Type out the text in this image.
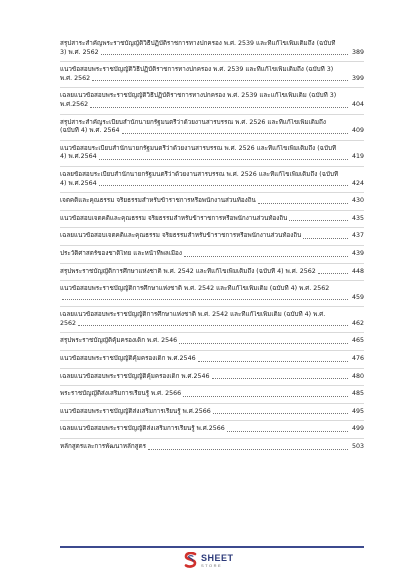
สรุปสาระสำคัญพระราชบัญญัติวิธีปฏิบัติราชการทางปกครอง พ.ศ. 2539 และที่แก้ไขเพิ่มเติมถึง (ฉบับที่
3) พ.ศ. 2562	389
แนวข้อสอบพระราชบัญญัติวิธีปฏิบัติราชการทางปกครอง พ.ศ. 2539 และที่แก้ไขเพิ่มเติมถึง (ฉบับที่ 3)
พ.ศ. 2562	399
เฉลยแนวข้อสอบพระราชบัญญัติวิธีปฏิบัติราชการทางปกครอง พ.ศ. 2539 และแก้ไขเพิ่มเติม (ฉบับที่ 3)
พ.ศ.2562	404
สรุปสาระสำคัญระเบียบสำนักนายกรัฐมนตรีว่าด้วยงานสารบรรณ พ.ศ. 2526 และที่แก้ไขเพิ่มเติมถึง
(ฉบับที่ 4) พ.ศ. 2564	409
แนวข้อสอบระเบียบสำนักนายกรัฐมนตรีว่าด้วยงานสารบรรณ พ.ศ. 2526 และที่แก้ไขเพิ่มเติมถึง (ฉบับที่
4) พ.ศ.2564	419
เฉลยข้อสอบระเบียบสำนักนายกรัฐมนตรีว่าด้วยงานสารบรรณ พ.ศ. 2526 และที่แก้ไขเพิ่มเติมถึง (ฉบับที่
4) พ.ศ.2564	424
เจตคติและคุณธรรม จริยธรรมสำหรับข้าราชการหรือพนักงานส่วนท้องถิ่น	430
แนวข้อสอบเจตคติและคุณธรรม จริยธรรมสำหรับข้าราชการหรือพนักงานส่วนท้องถิ่น	435
เฉลยแนวข้อสอบเจตคติและคุณธรรม จริยธรรมสำหรับข้าราชการหรือพนักงานส่วนท้องถิ่น	437
ประวัติศาสตร์ของชาติไทย และหน้าที่พลเมือง	439
สรุปพระราชบัญญัติการศึกษาแห่งชาติ พ.ศ. 2542 และที่แก้ไขเพิ่มเติมถึง (ฉบับที่ 4) พ.ศ. 2562	448
แนวข้อสอบพระราชบัญญัติการศึกษาแห่งชาติ พ.ศ. 2542 และที่แก้ไขเพิ่มเติม (ฉบับที่ 4) พ.ศ. 2562
459
เฉลยแนวข้อสอบพระราชบัญญัติการศึกษาแห่งชาติ พ.ศ. 2542 และที่แก้ไขเพิ่มเติม (ฉบับที่ 4) พ.ศ.
2562	462
สรุปพระราชบัญญัติคุ้มครองเด็ก พ.ศ. 2546	465
แนวข้อสอบพระราชบัญญัติคุ้มครองเด็ก พ.ศ.2546	476
เฉลยแนวข้อสอบพระราชบัญญัติคุ้มครองเด็ก พ.ศ.2546	480
พระราชบัญญัติส่งเสริมการเรียนรู้ พ.ศ. 2566	485
แนวข้อสอบพระราชบัญญัติส่งเสริมการเรียนรู้ พ.ศ.2566	495
เฉลยแนวข้อสอบพระราชบัญญัติส่งเสริมการเรียนรู้ พ.ศ.2566	499
หลักสูตรและการพัฒนาหลักสูตร	503
SHEET
STORE
